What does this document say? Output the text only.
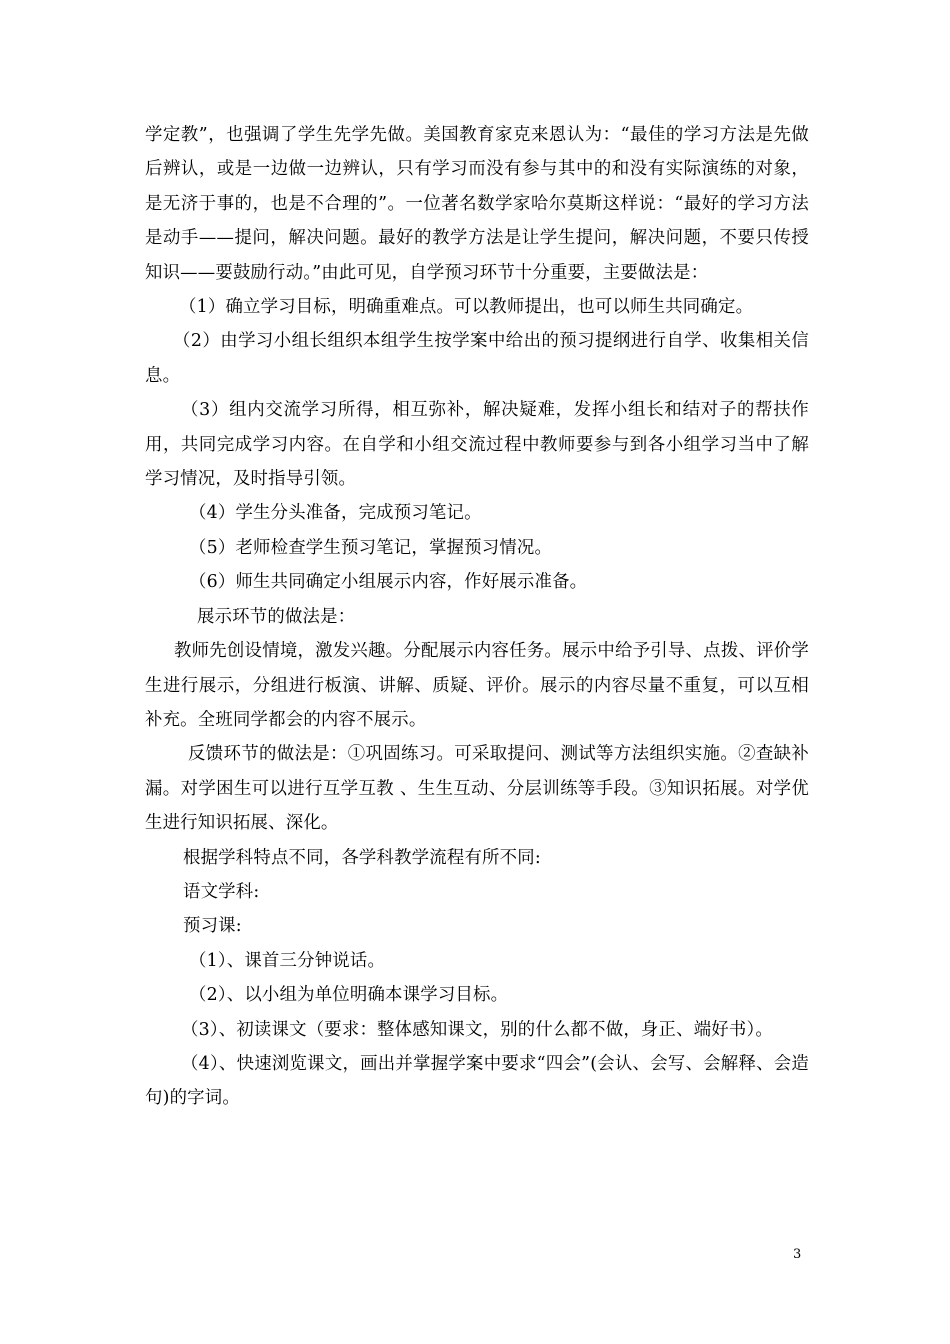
学定教”，也强调了学生先学先做。美国教育家克来恩认为：“最佳的学习方法是先做后辨认，或是一边做一边辨认，只有学习而没有参与其中的和没有实际演练的对象，是无济于事的，也是不合理的”。一位著名数学家哈尔莫斯这样说：“最好的学习方法是动手——提问，解决问题。最好的教学方法是让学生提问，解决问题，不要只传授知识——要鼓励行动。”由此可见，自学预习环节十分重要，主要做法是：

（1）确立学习目标，明确重难点。可以教师提出，也可以师生共同确定。

（2）由学习小组长组织本组学生按学案中给出的预习提纲进行自学、收集相关信息。

（3）组内交流学习所得，相互弥补，解决疑难，发挥小组长和结对子的帮扶作用，共同完成学习内容。在自学和小组交流过程中教师要参与到各小组学习当中了解学习情况，及时指导引领。

（4）学生分头准备，完成预习笔记。

（5）老师检查学生预习笔记，掌握预习情况。

（6）师生共同确定小组展示内容，作好展示准备。

展示环节的做法是：

教师先创设情境，激发兴趣。分配展示内容任务。展示中给予引导、点拨、评价学生进行展示，分组进行板演、讲解、质疑、评价。展示的内容尽量不重复，可以互相补充。全班同学都会的内容不展示。

反馈环节的做法是：①巩固练习。可采取提问、测试等方法组织实施。②查缺补漏。对学困生可以进行互学互教 、生生互动、分层训练等手段。③知识拓展。对学优生进行知识拓展、深化。

根据学科特点不同，各学科教学流程有所不同:

语文学科:

预习课:

（1）、课首三分钟说话。

（2）、以小组为单位明确本课学习目标。

（3）、初读课文（要求：整体感知课文，别的什么都不做，身正、端好书）。

（4）、快速浏览课文，画出并掌握学案中要求“四会”(会认、会写、会解释、会造句)的字词。

3
